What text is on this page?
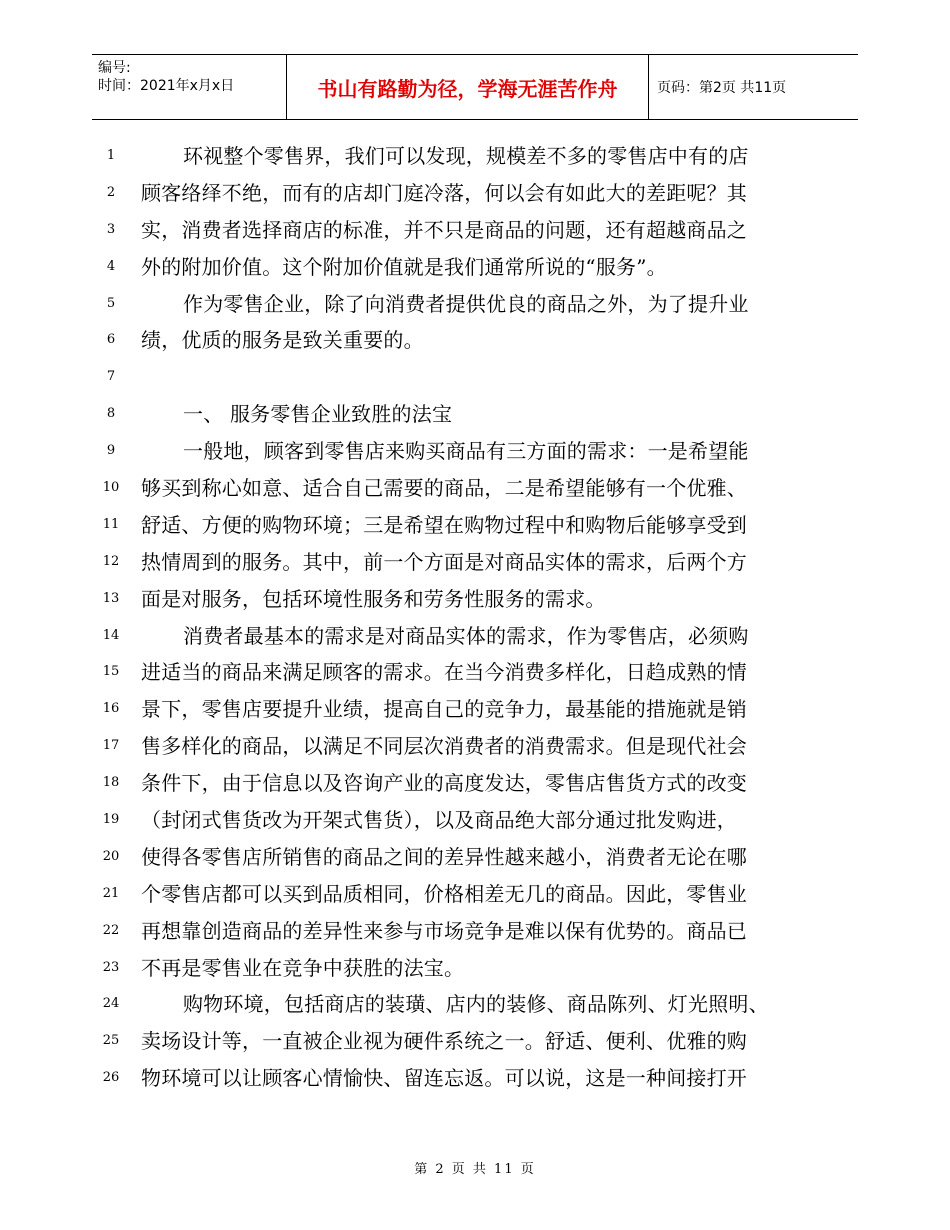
编号:
时间：2021年x月x日	书山有路勤为径，学海无涯苦作舟	页码：第2页 共11页
1	环视整个零售界，我们可以发现，规模差不多的零售店中有的店
2	顾客络绎不绝，而有的店却门庭冷落，何以会有如此大的差距呢？其
3	实，消费者选择商店的标准，并不只是商品的问题，还有超越商品之
4	外的附加价值。这个附加价值就是我们通常所说的“服务”。
5	作为零售企业，除了向消费者提供优良的商品之外，为了提升业
6	绩，优质的服务是致关重要的。
7
8	一、 服务零售企业致胜的法宝
9	一般地，顾客到零售店来购买商品有三方面的需求：一是希望能
10	够买到称心如意、适合自己需要的商品，二是希望能够有一个优雅、
11	舒适、方便的购物环境；三是希望在购物过程中和购物后能够享受到
12	热情周到的服务。其中，前一个方面是对商品实体的需求，后两个方
13	面是对服务，包括环境性服务和劳务性服务的需求。
14	消费者最基本的需求是对商品实体的需求，作为零售店，必须购
15	进适当的商品来满足顾客的需求。在当今消费多样化，日趋成熟的情
16	景下，零售店要提升业绩，提高自己的竞争力，最基能的措施就是销
17	售多样化的商品，以满足不同层次消费者的消费需求。但是现代社会
18	条件下，由于信息以及咨询产业的高度发达，零售店售货方式的改变
19	（封闭式售货改为开架式售货），以及商品绝大部分通过批发购进，
20	使得各零售店所销售的商品之间的差异性越来越小，消费者无论在哪
21	个零售店都可以买到品质相同，价格相差无几的商品。因此，零售业
22	再想靠创造商品的差异性来参与市场竞争是难以保有优势的。商品已
23	不再是零售业在竞争中获胜的法宝。
24	购物环境，包括商店的装璜、店内的装修、商品陈列、灯光照明、
25	卖场设计等，一直被企业视为硬件系统之一。舒适、便利、优雅的购
26	物环境可以让顾客心情愉快、留连忘返。可以说，这是一种间接打开
第 2 页 共 11 页
